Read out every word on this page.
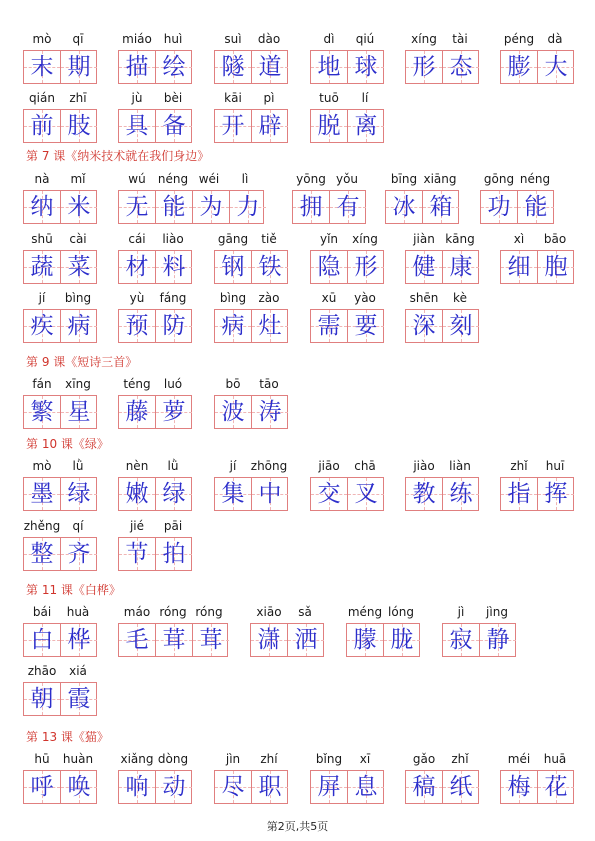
第 7 课《纳米技术就在我们身边》
第 9 课《短诗三首》
第 10 课《绿》
第 11 课《白桦》
第 13 课《猫》
第2页,共5页
mò qī
末 期
miáo huì
描 绘
suì dào
隧 道
dì qiú
地 球
xíng tài
形 态
péng dà
膨 大
qián zhī
前 肢
jù bèi
具 备
kāi pì
开 辟
tuō lí
脱 离
nà mǐ
纳 米
wú néng wéi lì
无 能 为 力
yōng yǒu
拥 有
bīng xiāng
冰 箱
gōng néng
功 能
shū cài
蔬 菜
cái liào
材 料
gāng tiě
钢 铁
yǐn xíng
隐 形
jiàn kāng
健 康
xì bāo
细 胞
jí bìng
疾 病
yù fáng
预 防
bìng zào
病 灶
xū yào
需 要
shēn kè
深 刻
fán xīng
繁 星
téng luó
藤 萝
bō tāo
波 涛
mò lǜ
墨 绿
nèn lǜ
嫩 绿
jí zhōng
集 中
jiāo chā
交 叉
jiào liàn
教 练
zhǐ huī
指 挥
zhěng qí
整 齐
jié pāi
节 拍
bái huà
白 桦
máo róng róng
毛 茸 茸
xiāo sǎ
潇 洒
méng lóng
朦 胧
jì jìng
寂 静
zhāo xiá
朝 霞
hū huàn
呼 唤
xiǎng dòng
响 动
jìn zhí
尽 职
bǐng xī
屏 息
gǎo zhǐ
稿 纸
méi huā
梅 花
